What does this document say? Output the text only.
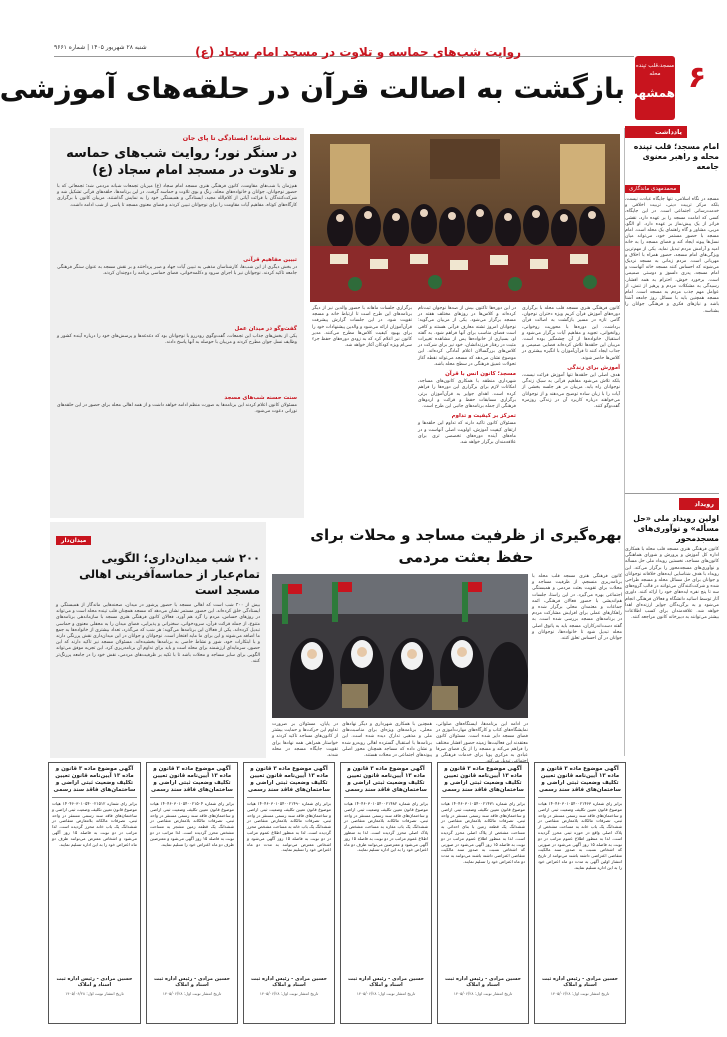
شنبه ۲۸ شهریور ۱۴۰۵ | شماره ۹۶۶۱	روایت شب‌های حماسه و تلاوت در مسجد امام سجاد (ع)
بازگشت به اصالت قرآن در حلقه‌های آموزشی	۶
مسجد،قلب تپنده محله
همشهری
یادداشت
امام مسجد؛ قلب تپنده محله و راهبر معنوی جامعه
محمدمهدی ماندگاری
مسجد در نگاه اسلامی، تنها جایگاه عبادت نیست، بلکه مرکز تربیت دینی، تربیت اخلاقی و خدمت‌رسانی اجتماعی است. در این جایگاه، کسی که امامت مسجد را بر عهده دارد، نقشی فراتر از یک پیش‌نماز بر عهده دارد. او الگو، مربی، مشاور و گاه راهنمای یک محله است. امام مسجد با حضور مستمر خود، می‌تواند میان نسل‌ها پیوند ایجاد کند و فضای مسجد را به خانه امید و آرامش مردم تبدیل نماید. یکی از مهم‌ترین ویژگی‌های امام مسجد، حضور همراه با اخلاق و مهربانی است. مردم زمانی به مسجد نزدیک می‌شوند که احساس کنند مسجد خانه آنهاست و امام مسجد، پدری دلسوز و دوستی صمیمی است. برخورد خوش، احترام به همه اقشار، رسیدگی به مشکلات مردم و پرهیز از تنش، از عوامل مهم جذب مردم به مسجد است. امام مسجد همچنین باید با مسائل روز جامعه آشنا باشد و نیازهای فکری و فرهنگی جوانان را بشناسد.
رویداد
اولین رویداد ملی «حل مسأله» و نوآوری‌های مسجدمحور
کانون فرهنگی هنری مسجد قلب محله با همکاری اداره کل آموزش و پرورش و شورای هماهنگی کانون‌های مساجد، نخستین رویداد ملی حل مسأله و نوآوری‌های مسجدمحور را برگزار می‌کند. این رویداد با هدف شناسایی ایده‌های خلاقانه نوجوانان و جوانان برای حل مسائل محله و مسجد طراحی شده و شرکت‌کنندگان می‌توانند در قالب گروه‌های سه تا پنج نفره ایده‌های خود را ارائه کنند. داوری آثار توسط اساتید دانشگاه و فعالان فرهنگی انجام می‌شود و به برگزیدگان جوایز ارزنده‌ای اهدا خواهد شد. علاقه‌مندان برای کسب اطلاعات بیشتر می‌توانند به دبیرخانه کانون مراجعه کنند.
تجمعات شبانه؛ ایستادگی تا پای جان
در سنگر نور؛ روایت شب‌های حماسه و تلاوت در مسجد امام سجاد (ع)
هم‌زمان با شب‌های مقاومت، کانون فرهنگی هنری مسجد امام سجاد (ع) میزبان تجمعات شبانه مردمی شد؛ تجمعاتی که با حضور نوجوانان، جوانان و خانواده‌های محله، رنگ و بوی تلاوت و حماسه گرفت. در این برنامه‌ها، حلقه‌های قرآنی تشکیل شد و شرکت‌کنندگان با قرائت آیاتی از کلام‌الله مجید، ایستادگی و همبستگی خود را به نمایش گذاشتند. مربیان کانون با برگزاری کارگاه‌های کوتاه، مفاهیم آیات مقاومت را برای نوجوانان تبیین کردند و فضای معنوی مسجد تا پاسی از شب ادامه داشت.
تبیین مفاهیم قرآنی
در بخش دیگری از این شب‌ها، کارشناسان مذهبی به تبیین آیات جهاد و صبر پرداختند و بر نقش مسجد به عنوان سنگر فرهنگی جامعه تاکید کردند. نوجوانان نیز با اجرای سرود و دکلمه‌خوانی، فضای حماسی برنامه را دوچندان کردند.
گفت‌وگو در میدان عمل
یکی از بخش‌های جذاب این تجمعات، گفت‌وگوی رودررو با نوجوانان بود که دغدغه‌ها و پرسش‌های خود را درباره آینده کشور و وظایف نسل جوان مطرح کردند و مربیان با حوصله به آنها پاسخ دادند.
سنت حسنه شب‌های مسجد
مسئولان کانون اعلام کردند این برنامه‌ها به صورت منظم ادامه خواهد داشت و از همه اهالی محله برای حضور در این حلقه‌های نورانی دعوت می‌شود.
کانون فرهنگی هنری مسجد قلب محله با برگزاری دوره‌های آموزش قرآن کریم ویژه دختران نوجوان، گامی تازه در مسیر بازگشت به اصالت قرآن برداشت. این دوره‌ها با محوریت روخوانی، روانخوانی، تجوید و مفاهیم آیات برگزار می‌شود و استقبال خانواده‌ها از آن چشمگیر بوده است. مربیان این حلقه‌ها تلاش کرده‌اند فضایی صمیمی و جذاب ایجاد کنند تا قرآن‌آموزان با انگیزه بیشتری در کلاس‌ها حاضر شوند.
آموزش برای زندگی
هدف اصلی این حلقه‌ها تنها آموزش قرائت نیست، بلکه تلاش می‌شود مفاهیم قرآنی به سبک زندگی نوجوانان راه یابد. مربیان در هر جلسه بخشی از آیات را با زبان ساده توضیح می‌دهند و از نوجوانان می‌خواهند درباره کاربرد آن در زندگی روزمره گفت‌وگو کنند.
در این دوره‌ها تاکنون بیش از صدها نوجوان ثبت‌نام کرده‌اند و کلاس‌ها در روزهای مختلف هفته در مسجد برگزار می‌شود. یکی از مربیان می‌گوید: نوجوانان امروز تشنه معارف قرآنی هستند و کافی است فضای مناسب برای آنها فراهم شود. به گفته او، بسیاری از خانواده‌ها پس از مشاهده تغییرات مثبت در رفتار فرزندانشان، خود نیز برای شرکت در کلاس‌های بزرگسالان اعلام آمادگی کرده‌اند. این موضوع نشان می‌دهد که مسجد می‌تواند نقطه آغاز تحولات عمیق فرهنگی در سطح محله باشد.
مسجد؛ کانون انس با قرآن
شهرداری منطقه با همکاری کانون‌های مساجد، امکانات لازم برای برگزاری این دوره‌ها را فراهم کرده است. اهدای جوایز به قرآن‌آموزان برتر، برگزاری مسابقات حفظ و قرائت و اردوهای فرهنگی از جمله برنامه‌های جانبی این طرح است.
تمرکز بر کیفیت و تداوم
مسئولان کانون تاکید دارند که تداوم این حلقه‌ها و ارتقای کیفیت آموزش، اولویت اصلی آنهاست و در ماه‌های آینده دوره‌های تخصصی تری برای علاقه‌مندان برگزار خواهد شد.
برگزاری جلسات ماهانه با حضور والدین نیز از دیگر برنامه‌های این طرح است تا ارتباط خانه و مسجد تقویت شود. در این جلسات گزارش پیشرفت قرآن‌آموزان ارائه می‌شود و والدین پیشنهادات خود را برای بهبود کیفیت کلاس‌ها مطرح می‌کنند. مدیر کانون نیز اعلام کرد که به زودی دوره‌های حفظ جزء سی‌ام ویژه کودکان آغاز خواهد شد.
بهره‌گیری از ظرفیت مساجد و محلات برای حفظ بعثت مردمی
کانون فرهنگی هنری مسجد قلب محله با برنامه‌ریزی منسجم، از ظرفیت مساجد و محلات برای تقویت بعثت مردمی و همبستگی اجتماعی بهره می‌گیرد. در این راستا، جلسات هم‌اندیشی با حضور فعالان فرهنگی، ائمه جماعات و معتمدان محلی برگزار شده و راهکارهای عملی برای افزایش مشارکت مردم در برنامه‌های مسجد بررسی شده است. به گفته دست‌اندرکاران، مسجد باید به پاتوق اصلی محله تبدیل شود تا خانواده‌ها، نوجوانان و جوانان در آن احساس تعلق کنند.
در ادامه این برنامه‌ها، ایستگاه‌های صلواتی، نمایشگاه‌های کتاب و کارگاه‌های مهارت‌آموزی در فضای مسجد دایر شده است. مسئولان کانون معتقدند این فعالیت‌ها زمینه حضور اقشار مختلف را فراهم می‌کند و مسجد را از یک فضای صرفا عبادی به مرکزی پویا برای خدمات فرهنگی و
همچنین با همکاری شهرداری و دیگر نهادهای محلی، برنامه‌های ویژه‌ای برای مناسبت‌های ملی و مذهبی تدارک دیده شده است. این برنامه‌ها با استقبال گسترده اهالی روبه‌رو شده و نشان داده که مساجد همچنان محور اصلی پیوندهای اجتماعی در محلات هستند.
در پایان، مسئولان بر ضرورت تداوم این حرکت‌ها و حمایت بیشتر از کانون‌های مساجد تاکید کردند و خواستار همراهی همه نهادها برای تقویت جایگاه مسجد در محله شدند.
میدان‌دار
۲۰۰ شب میدان‌داری؛ الگویی تمام‌عیار از حماسه‌آفرینی اهالی مسجد است
بیش از ۲۰۰ شب است که اهالی مسجد با حضور پرشور در میدان، صحنه‌هایی ماندگار از همبستگی و ایستادگی خلق کرده‌اند. این حضور مستمر نشان می‌دهد که مسجد همچنان قلب تپنده محله است و می‌تواند در روزهای حساس، مردم را گرد هم آورد. فعالان کانون فرهنگی هنری مسجد با سازماندهی برنامه‌های متنوع، از جمله قرائت قرآن، سرودخوانی، سخنرانی و پذیرایی، فضای میدان را به محفلی معنوی و حماسی تبدیل کرده‌اند. یکی از فعالان این برنامه‌ها می‌گوید: هر شب که می‌گذرد، تعداد بیشتری از خانواده‌ها به جمع ما اضافه می‌شوند و این برای ما مایه افتخار است. نوجوانان و جوانان در این میدان‌داری نقش پررنگی دارند و با ابتکارات خود، شور و نشاط خاصی به برنامه‌ها بخشیده‌اند. مسئولان مسجد نیز تاکید دارند که این حضور، سرمایه‌ای ارزشمند برای محله است و باید برای تداوم آن برنامه‌ریزی کرد. این تجربه موفق می‌تواند الگویی برای سایر مساجد و محلات باشد تا با تکیه بر ظرفیت‌های مردمی، نقش خود را در جامعه پررنگ‌تر کنند.
آگهی موضوع ماده ۳ قانون و ماده ۱۳ آیین‌نامه قانون تعیین تکلیف وضعیت ثبتی اراضی و ساختمان‌های فاقد سند رسمی
برابر رای شماره ۱۴۰۴۶۰۳۰۱۰۵۴۰۰۲۱۴۶۳ هیات موضوع قانون تعیین تکلیف وضعیت ثبتی اراضی و ساختمان‌های فاقد سند رسمی مستقر در واحد ثبتی، تصرفات مالکانه بلامعارض متقاضی در ششدانگ یک باب خانه به مساحت مشخص از پلاک اصلی واقع در حوزه ثبتی محرز گردیده است. لذا به منظور اطلاع عموم مراتب در دو نوبت به فاصله ۱۵ روز آگهی می‌شود در صورتی که اشخاص نسبت به صدور سند مالکیت متقاضی اعتراضی داشته باشند می‌توانند از تاریخ انتشار اولین آگهی به مدت دو ماه اعتراض خود را به این اداره تسلیم نمایند.
حسین مرادی - رئیس اداره ثبت اسناد و املاک
تاریخ انتشار نوبت اول: ۱۴۰۵/۰۶/۲۸
آگهی موضوع ماده ۳ قانون و ماده ۱۳ آیین‌نامه قانون تعیین تکلیف وضعیت ثبتی اراضی و ساختمان‌های فاقد سند رسمی
برابر رای شماره ۱۴۰۴۶۰۳۰۱۰۵۴۰۰۲۱۴۷۱ هیات موضوع قانون تعیین تکلیف وضعیت ثبتی اراضی و ساختمان‌های فاقد سند رسمی مستقر در واحد ثبتی، تصرفات مالکانه بلامعارض متقاضی در ششدانگ یک قطعه زمین با بنای احداثی به مساحت مشخص از پلاک اصلی محرز گردیده است. لذا به منظور اطلاع عموم مراتب در دو نوبت به فاصله ۱۵ روز آگهی می‌شود در صورتی که اشخاص نسبت به صدور سند مالکیت متقاضی اعتراضی داشته باشند می‌توانند به مدت دو ماه اعتراض خود را تسلیم نمایند.
حسین مرادی - رئیس اداره ثبت اسناد و املاک
تاریخ انتشار نوبت اول: ۱۴۰۵/۰۶/۲۸
آگهی موضوع ماده ۳ قانون و ماده ۱۳ آیین‌نامه قانون تعیین تکلیف وضعیت ثبتی اراضی و ساختمان‌های فاقد سند رسمی
برابر رای شماره ۱۴۰۴۶۰۳۰۱۰۵۴۰۰۲۱۴۸۲ هیات موضوع قانون تعیین تکلیف وضعیت ثبتی اراضی و ساختمان‌های فاقد سند رسمی مستقر در واحد ثبتی، تصرفات مالکانه بلامعارض متقاضی در ششدانگ یک باب مغازه به مساحت مشخص از پلاک اصلی محرز گردیده است. لذا به منظور اطلاع عموم مراتب در دو نوبت به فاصله ۱۵ روز آگهی می‌شود و معترضین می‌توانند ظرف دو ماه اعتراض خود را به این اداره تسلیم نمایند.
حسین مرادی - رئیس اداره ثبت اسناد و املاک
تاریخ انتشار نوبت اول: ۱۴۰۵/۰۶/۲۸
آگهی موضوع ماده ۳ قانون و ماده ۱۳ آیین‌نامه قانون تعیین تکلیف وضعیت ثبتی اراضی و ساختمان‌های فاقد سند رسمی
برابر رای شماره ۱۴۰۴۶۰۳۰۱۰۵۴۰۰۲۱۴۹۰ هیات موضوع قانون تعیین تکلیف وضعیت ثبتی اراضی و ساختمان‌های فاقد سند رسمی مستقر در واحد ثبتی، تصرفات مالکانه بلامعارض متقاضی در ششدانگ یک باب خانه به مساحت مشخص محرز گردیده است. لذا به منظور اطلاع عموم مراتب در دو نوبت به فاصله ۱۵ روز آگهی می‌شود و اشخاص معترض می‌توانند به مدت دو ماه اعتراض خود را تسلیم نمایند.
حسین مرادی - رئیس اداره ثبت اسناد و املاک
تاریخ انتشار نوبت اول: ۱۴۰۵/۰۶/۲۸
آگهی موضوع ماده ۳ قانون و ماده ۱۳ آیین‌نامه قانون تعیین تکلیف وضعیت ثبتی اراضی و ساختمان‌های فاقد سند رسمی
برابر رای شماره ۱۴۰۴۶۰۳۰۱۰۵۴۰۰۲۱۵۰۴ هیات موضوع قانون تعیین تکلیف وضعیت ثبتی اراضی و ساختمان‌های فاقد سند رسمی مستقر در واحد ثبتی، تصرفات مالکانه بلامعارض متقاضی در ششدانگ یک قطعه زمین مشجر به مساحت مشخص محرز گردیده است. لذا مراتب در دو نوبت به فاصله ۱۵ روز آگهی می‌شود و معترضین ظرف دو ماه اعتراض خود را تسلیم نمایند.
حسین مرادی - رئیس اداره ثبت اسناد و املاک
تاریخ انتشار نوبت اول: ۱۴۰۵/۰۶/۲۸
آگهی موضوع ماده ۳ قانون و ماده ۱۳ آیین‌نامه قانون تعیین تکلیف وضعیت ثبتی اراضی و ساختمان‌های فاقد سند رسمی
برابر رای شماره ۱۴۰۴۶۰۳۰۱۰۵۴۰۰۲۱۵۱۲ هیات موضوع قانون تعیین تکلیف وضعیت ثبتی اراضی و ساختمان‌های فاقد سند رسمی مستقر در واحد ثبتی، تصرفات مالکانه بلامعارض متقاضی در ششدانگ یک باب خانه محرز گردیده است. لذا مراتب در دو نوبت به فاصله ۱۵ روز آگهی می‌شود و اشخاص معترض می‌توانند ظرف دو ماه اعتراض خود را به این اداره تسلیم نمایند.
حسین مرادی - رئیس اداره ثبت اسناد و املاک
تاریخ انتشار نوبت اول: ۱۴۰۵/۰۶/۲۸
